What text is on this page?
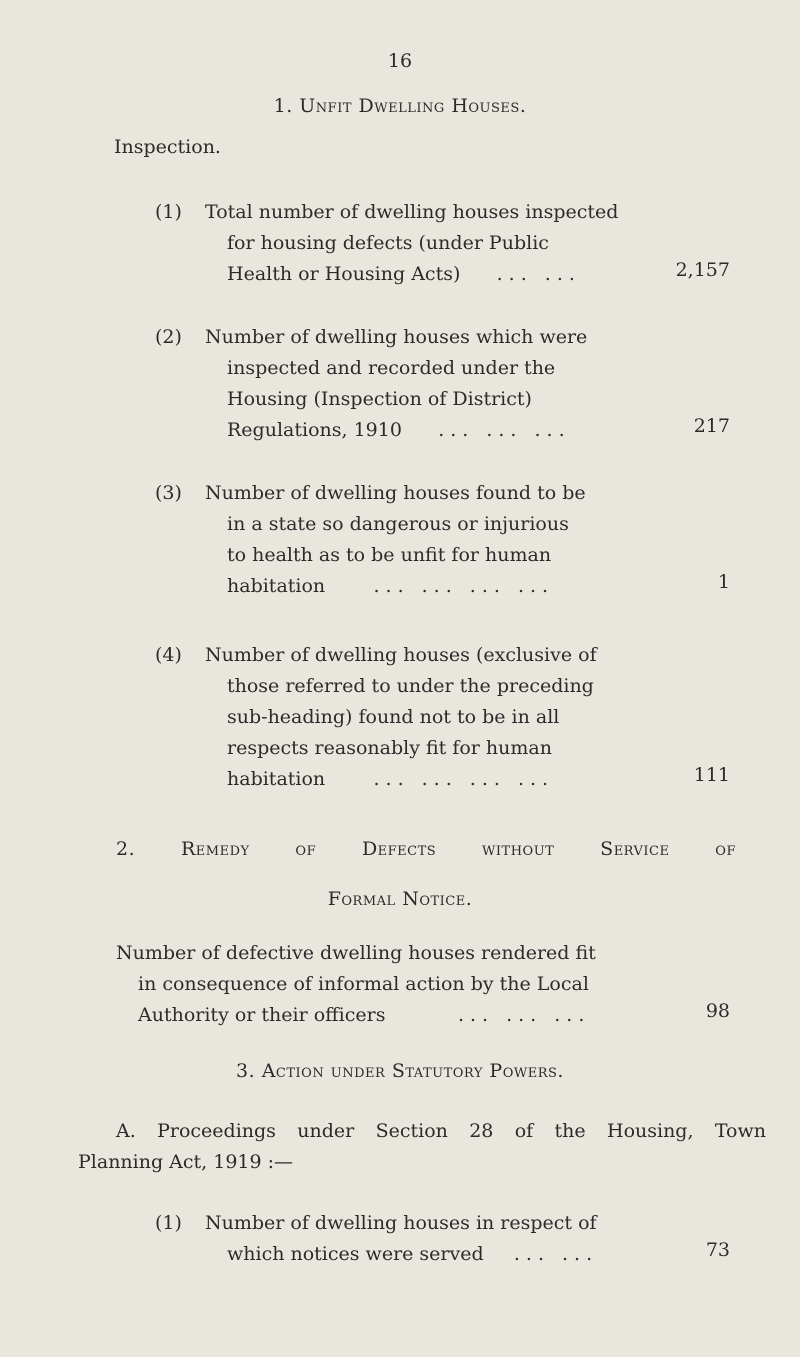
16
1. Unfit Dwelling Houses.
Inspection.
(1) Total number of dwelling houses inspected
for housing defects (under Public
Health or Housing Acts) ... ...	2,157
(2) Number of dwelling houses which were
inspected and recorded under the
Housing (Inspection of District)
Regulations, 1910 ... ... ...	217
(3) Number of dwelling houses found to be
in a state so dangerous or injurious
to health as to be unfit for human
habitation	... ... ... ...	1
(4) Number of dwelling houses (exclusive of
those referred to under the preceding
sub-heading) found not to be in all
respects reasonably fit for human
habitation	... ... ... ...	111
2. Remedy of Defects without Service of
Formal Notice.
Number of defective dwelling houses rendered fit
in consequence of informal action by the Local
Authority or their officers	... ... ...	98
3. Action under Statutory Powers.
A. Proceedings under Section 28 of the Housing, Town
Planning Act, 1919 :—
(1) Number of dwelling houses in respect of
which notices were served ... ...	73
